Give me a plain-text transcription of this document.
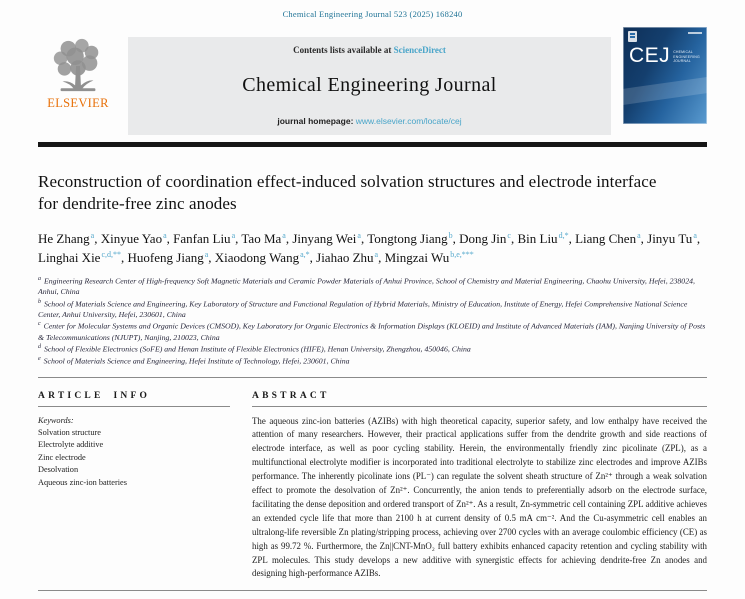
Chemical Engineering Journal 523 (2025) 168240
ELSEVIER
Contents lists available at ScienceDirect
Chemical Engineering Journal
journal homepage: www.elsevier.com/locate/cej
CEJ CHEMICAL
ENGINEERING
JOURNAL
Reconstruction of coordination effect-induced solvation structures and electrode interface for dendrite-free zinc anodes
He Zhang$^a$, Xinyue Yao$^a$, Fanfan Liu$^a$, Tao Ma$^a$, Jinyang Wei$^a$, Tongtong Jiang$^b$, Dong Jin$^c$, Bin Liu$^{d,*}$, Liang Chen$^a$, Jinyu Tu$^a$, Linghai Xie$^{c,d,**}$, Huofeng Jiang$^a$, Xiaodong Wang$^{a,*}$, Jiahao Zhu$^a$, Mingzai $Wu^{b,e,***}$
$^a$ Engineering Research Center of High-frequency Soft Magnetic Materials and Ceramic Powder Materials of Anhui Province, School of Chemistry and Material Engineering, Chaohu University, Hefei, 238024, Anhui, China
$^b$ School of Materials Science and Engineering, Key Laboratory of Structure and Functional Regulation of Hybrid Materials, Ministry of Education, Institute of Energy, Hefei Comprehensive National Science Center, Anhui University, Hefei, 230601, China
$^c$ Center for Molecular Systems and Organic Devices (CMSOD), Key Laboratory for Organic Electronics & Information Displays (KLOEID) and Institute of Advanced Materials (IAM), Nanjing University of Posts & Telecommunications (NJUPT), Nanjing, 210023, China
$^d$ School of Flexible Electronics (SoFE) and Henan Institute of Flexible Electronics (HIFE), Henan University, Zhengzhou, 450046, China
$^e$ School of Materials Science and Engineering, Hefei Institute of Technology, Hefei, 230601, China
ARTICLE INFO
Keywords:
Solvation structure
Electrolyte additive
Zinc electrode
Desolvation
Aqueous zinc-ion batteries
ABSTRACT

The aqueous zinc-ion batteries (AZIBs) with high theoretical capacity, superior safety, and low enthalpy have received the attention of many researchers. However, their practical applications suffer from the dendrite growth and side reactions of electrode interface, as well as poor cycling stability. Herein, the environmentally friendly zinc picolinate (ZPL), as a multifunctional electrolyte modifier is incorporated into traditional electrolyte to stabilize zinc electrodes and improve AZIBs performance. The inherently picolinate ions (PL⁻) can regulate the solvent sheath structure of Zn²⁺ through a weak solvation effect to promote the desolvation of Zn²⁺. Concurrently, the anion tends to preferentially adsorb on the electrode surface, facilitating the dense deposition and ordered transport of Zn²⁺. As a result, Zn-symmetric cell containing ZPL additive achieves an extended cycle life that more than 2100 h at current density of 0.5 mA cm⁻². And the Cu-asymmetric cell enables an ultralong-life reversible Zn plating/stripping process, achieving over 2700 cycles with an average coulombic efficiency (CE) as high as 99.72 %. Furthermore, the Zn||CNT-MnO₂ full battery exhibits enhanced capacity retention and cycling stability with ZPL molecules. This study develops a new additive with synergistic effects for achieving dendrite-free Zn anodes and designing high-performance AZIBs.
